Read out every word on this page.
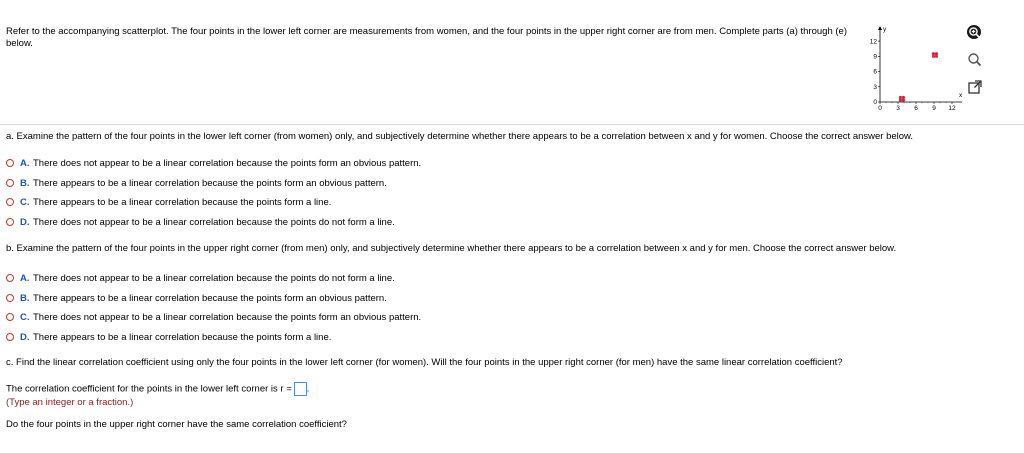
Refer to the accompanying scatterplot. The four points in the lower left corner are measurements from women, and the four points in the upper right corner are from men. Complete parts (a) through (e) below.
0 3 6 9 12
0
3
6
9
12
x
y
a. Examine the pattern of the four points in the lower left corner (from women) only, and subjectively determine whether there appears to be a correlation between x and y for women. Choose the correct answer below.
A. There does not appear to be a linear correlation because the points form an obvious pattern.
B. There appears to be a linear correlation because the points form an obvious pattern.
C. There appears to be a linear correlation because the points form a line.
D. There does not appear to be a linear correlation because the points do not form a line.
b. Examine the pattern of the four points in the upper right corner (from men) only, and subjectively determine whether there appears to be a correlation between x and y for men. Choose the correct answer below.
A. There does not appear to be a linear correlation because the points do not form a line.
B. There appears to be a linear correlation because the points form an obvious pattern.
C. There does not appear to be a linear correlation because the points form an obvious pattern.
D. There appears to be a linear correlation because the points form a line.
c. Find the linear correlation coefficient using only the four points in the lower left corner (for women). Will the four points in the upper right corner (for men) have the same linear correlation coefficient?
The correlation coefficient for the points in the lower left corner is r = .
(Type an integer or a fraction.)
Do the four points in the upper right corner have the same correlation coefficient?
